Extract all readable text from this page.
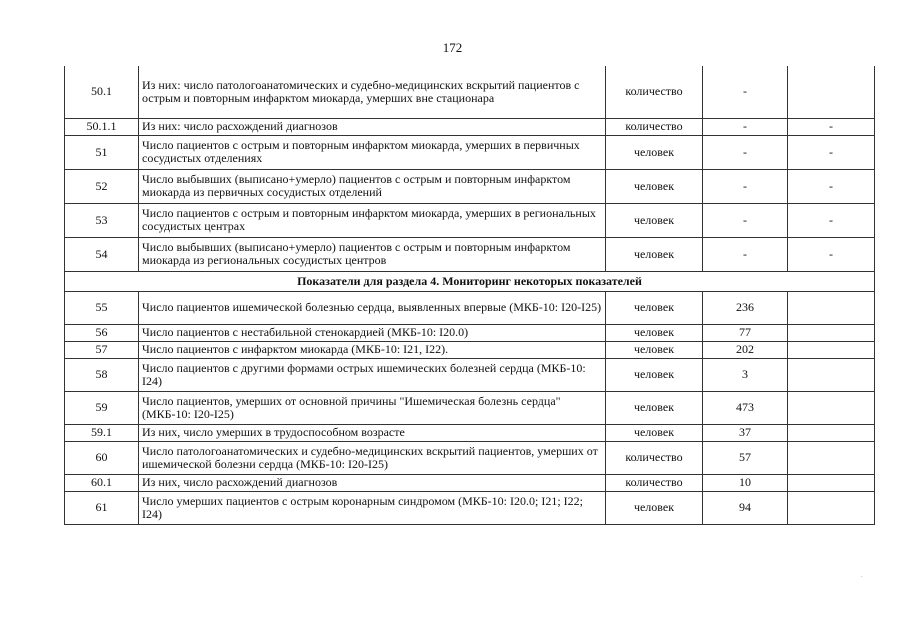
172
50.1	Из них: число патологоанатомических и судебно-медицинских вскрытий пациентов с острым и повторным инфарктом миокарда, умерших вне стационара	количество	-	
50.1.1	Из них: число расхождений диагнозов	количество	-	-
51	Число пациентов с острым и повторным инфарктом миокарда, умерших в первичных сосудистых отделениях	человек	-	-
52	Число выбывших (выписано+умерло) пациентов с острым и повторным инфарктом миокарда из первичных сосудистых отделений	человек	-	-
53	Число пациентов с острым и повторным инфарктом миокарда, умерших в региональных сосудистых центрах	человек	-	-
54	Число выбывших (выписано+умерло) пациентов с острым и повторным инфарктом миокарда из региональных сосудистых центров	человек	-	-
Показатели для раздела 4. Мониторинг некоторых показателей				
55	Число пациентов ишемической болезнью сердца, выявленных впервые (МКБ-10: I20-I25)	человек	236	
56	Число пациентов с нестабильной стенокардией (МКБ-10: I20.0)	человек	77	
57	Число пациентов с инфарктом миокарда (МКБ-10: I21, I22).	человек	202	
58	Число пациентов с другими формами острых ишемических болезней сердца (МКБ-10: I24)	человек	3	
59	Число пациентов, умерших от основной причины "Ишемическая болезнь сердца" (МКБ-10: I20-I25)	человек	473	
59.1	Из них, число умерших в трудоспособном возрасте	человек	37	
60	Число патологоанатомических и судебно-медицинских вскрытий пациентов, умерших от ишемической болезни сердца (МКБ-10: I20-I25)	количество	57	
60.1	Из них, число расхождений диагнозов	количество	10	
61	Число умерших пациентов с острым коронарным синдромом (МКБ-10: I20.0; I21; I22; I24)	человек	94	
·
